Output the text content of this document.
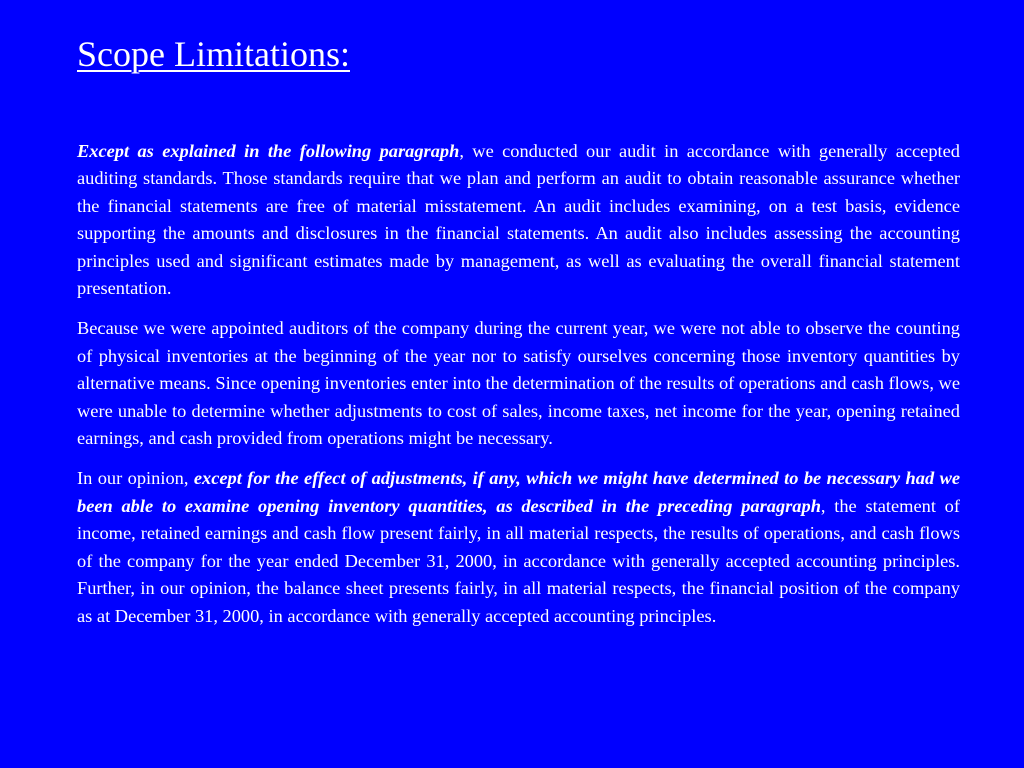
Scope Limitations:

Except as explained in the following paragraph, we conducted our audit in accordance with generally accepted auditing standards. Those standards require that we plan and perform an audit to obtain reasonable assurance whether the financial statements are free of material misstatement. An audit includes examining, on a test basis, evidence supporting the amounts and disclosures in the financial statements. An audit also includes assessing the accounting principles used and significant estimates made by management, as well as evaluating the overall financial statement presentation.

Because we were appointed auditors of the company during the current year, we were not able to observe the counting of physical inventories at the beginning of the year nor to satisfy ourselves concerning those inventory quantities by alternative means. Since opening inventories enter into the determination of the results of operations and cash flows, we were unable to determine whether adjustments to cost of sales, income taxes, net income for the year, opening retained earnings, and cash provided from operations might be necessary.

In our opinion, except for the effect of adjustments, if any, which we might have determined to be necessary had we been able to examine opening inventory quantities, as described in the preceding paragraph, the statement of income, retained earnings and cash flow present fairly, in all material respects, the results of operations, and cash flows of the company for the year ended December 31, 2000, in accordance with generally accepted accounting principles. Further, in our opinion, the balance sheet presents fairly, in all material respects, the financial position of the company as at December 31, 2000, in accordance with generally accepted accounting principles.
